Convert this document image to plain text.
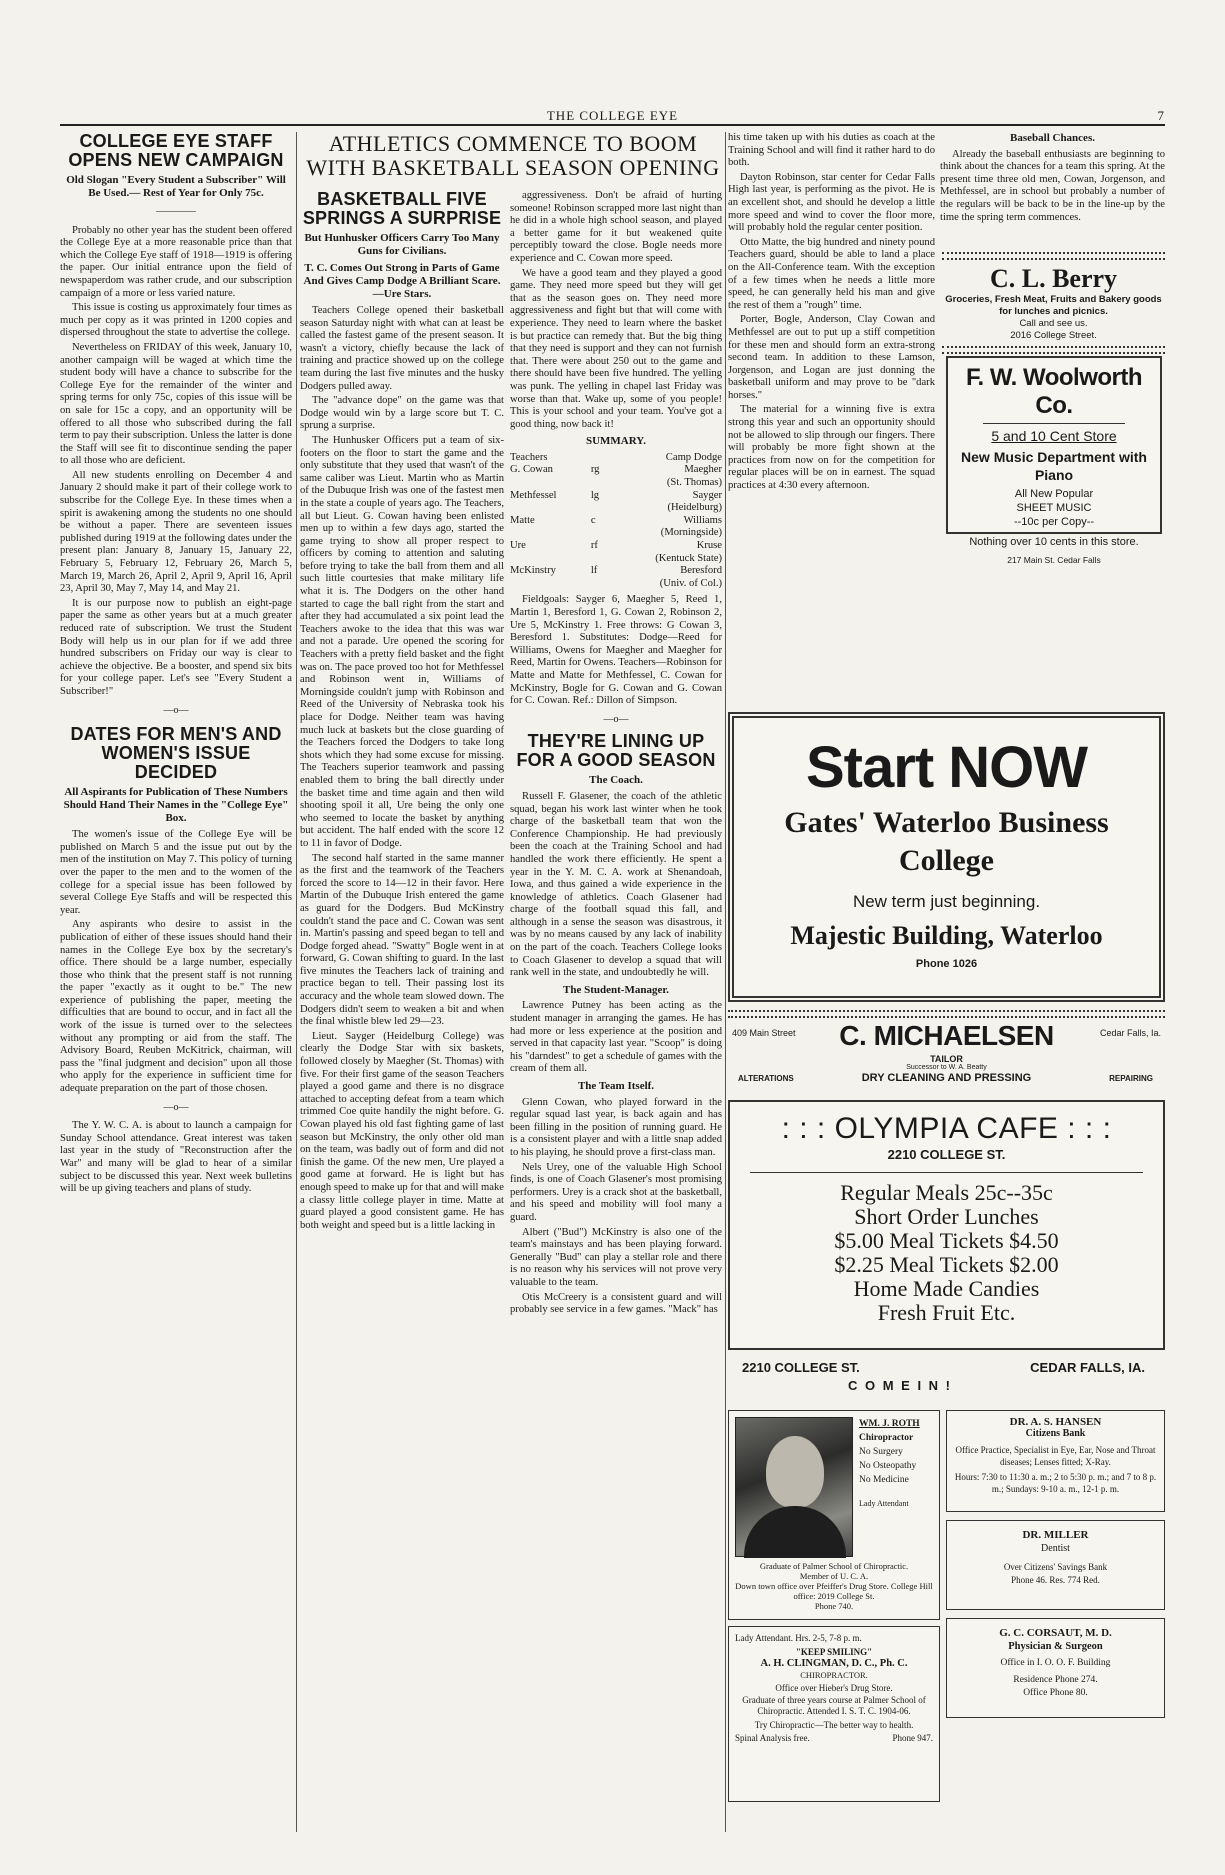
THE COLLEGE EYE	7
ATHLETICS COMMENCE TO BOOM
WITH BASKETBALL SEASON OPENING
COLLEGE EYE STAFF
OPENS NEW CAMPAIGN
Old Slogan "Every Student a Subscriber" Will Be Used.— Rest of Year for Only 75c.
————

Probably no other year has the student been offered the College Eye at a more reasonable price than that which the College Eye staff of 1918—1919 is offering the paper. Our initial entrance upon the field of newspaperdom was rather crude, and our subscription campaign of a more or less varied nature.

This issue is costing us approximately four times as much per copy as it was printed in 1200 copies and dispersed throughout the state to advertise the college.

Nevertheless on FRIDAY of this week, January 10, another campaign will be waged at which time the student body will have a chance to subscribe for the College Eye for the remainder of the winter and spring terms for only 75c, copies of this issue will be on sale for 15c a copy, and an opportunity will be offered to all those who subscribed during the fall term to pay their subscription. Unless the latter is done the Staff will see fit to discontinue sending the paper to all those who are deficient.

All new students enrolling on December 4 and January 2 should make it part of their college work to subscribe for the College Eye. In these times when a spirit is awakening among the students no one should be without a paper. There are seventeen issues published during 1919 at the following dates under the present plan: January 8, January 15, January 22, February 5, February 12, February 26, March 5, March 19, March 26, April 2, April 9, April 16, April 23, April 30, May 7, May 14, and May 21.

It is our purpose now to publish an eight-page paper the same as other years but at a much greater reduced rate of subscription. We trust the Student Body will help us in our plan for if we add three hundred subscribers on Friday our way is clear to achieve the objective. Be a booster, and spend six bits for your college paper. Let's see "Every Student a Subscriber!"

—o—
DATES FOR MEN'S AND
WOMEN'S ISSUE DECIDED
All Aspirants for Publication of These Numbers Should Hand Their Names in the "College Eye" Box.

The women's issue of the College Eye will be published on March 5 and the issue put out by the men of the institution on May 7. This policy of turning over the paper to the men and to the women of the college for a special issue has been followed by several College Eye Staffs and will be respected this year.

Any aspirants who desire to assist in the publication of either of these issues should hand their names in the College Eye box by the secretary's office. There should be a large number, especially those who think that the present staff is not running the paper "exactly as it ought to be." The new experience of publishing the paper, meeting the difficulties that are bound to occur, and in fact all the work of the issue is turned over to the selectees without any prompting or aid from the staff. The Advisory Board, Reuben McKitrick, chairman, will pass the "final judgment and decision" upon all those who apply for the experience in sufficient time for adequate preparation on the part of those chosen.

—o—

The Y. W. C. A. is about to launch a campaign for Sunday School attendance. Great interest was taken last year in the study of "Reconstruction after the War" and many will be glad to hear of a similar subject to be discussed this year. Next week bulletins will be up giving teachers and plans of study.

BASKETBALL FIVE
SPRINGS A SURPRISE
But Hunhusker Officers Carry Too Many Guns for Civilians.
T. C. Comes Out Strong in Parts of Game And Gives Camp Dodge A Brilliant Scare.—Ure Stars.

Teachers College opened their basketball season Saturday night with what can at least be called the fastest game of the present season. It wasn't a victory, chiefly because the lack of training and practice showed up on the college team during the last five minutes and the husky Dodgers pulled away.

The "advance dope" on the game was that Dodge would win by a large score but T. C. sprung a surprise.

The Hunhusker Officers put a team of six-footers on the floor to start the game and the only substitute that they used that wasn't of the same caliber was Lieut. Martin who as Martin of the Dubuque Irish was one of the fastest men in the state a couple of years ago. The Teachers, all but Lieut. G. Cowan having been enlisted men up to within a few days ago, started the game trying to show all proper respect to officers by coming to attention and saluting before trying to take the ball from them and all such little courtesies that make military life what it is. The Dodgers on the other hand started to cage the ball right from the start and after they had accumulated a six point lead the Teachers awoke to the idea that this was war and not a parade. Ure opened the scoring for Teachers with a pretty field basket and the fight was on. The pace proved too hot for Methfessel and Robinson went in, Williams of Morningside couldn't jump with Robinson and Reed of the University of Nebraska took his place for Dodge. Neither team was having much luck at baskets but the close guarding of the Teachers forced the Dodgers to take long shots which they had some excuse for missing. The Teachers superior teamwork and passing enabled them to bring the ball directly under the basket time and time again and then wild shooting spoil it all, Ure being the only one who seemed to locate the basket by anything but accident. The half ended with the score 12 to 11 in favor of Dodge.

The second half started in the same manner as the first and the teamwork of the Teachers forced the score to 14—12 in their favor. Here Martin of the Dubuque Irish entered the game as guard for the Dodgers. Bud McKinstry couldn't stand the pace and C. Cowan was sent in. Martin's passing and speed began to tell and Dodge forged ahead. "Swatty" Bogle went in at forward, G. Cowan shifting to guard. In the last five minutes the Teachers lack of training and practice began to tell. Their passing lost its accuracy and the whole team slowed down. The Dodgers didn't seem to weaken a bit and when the final whistle blew led 29—23.

Lieut. Sayger (Heidelburg College) was clearly the Dodge Star with six baskets, followed closely by Maegher (St. Thomas) with five. For their first game of the season Teachers played a good game and there is no disgrace attached to accepting defeat from a team which trimmed Coe quite handily the night before. G. Cowan played his old fast fighting game of last season but McKinstry, the only other old man on the team, was badly out of form and did not finish the game. Of the new men, Ure played a good game at forward. He is light but has enough speed to make up for that and will make a classy little college player in time. Matte at guard played a good consistent game. He has both weight and speed but is a little lacking in

aggressiveness. Don't be afraid of hurting someone! Robinson scrapped more last night than he did in a whole high school season, and played a better game for it but weakened quite perceptibly toward the close. Bogle needs more experience and C. Cowan more speed.

We have a good team and they played a good game. They need more speed but they will get that as the season goes on. They need more aggressiveness and fight but that will come with experience. They need to learn where the basket is but practice can remedy that. But the big thing that they need is support and they can not furnish that. There were about 250 out to the game and there should have been five hundred. The yelling was punk. The yelling in chapel last Friday was worse than that. Wake up, some of you people! This is your school and your team. You've got a good thing, now back it!

SUMMARY.
Teachers		Camp Dodge
G. Cowan	rg	Maegher
		(St. Thomas)
Methfessel	lg	Sayger
		(Heidelburg)
Matte	c	Williams
		(Morningside)
Ure	rf	Kruse
		(Kentuck State)
McKinstry	lf	Beresford
		(Univ. of Col.)

Fieldgoals: Sayger 6, Maegher 5, Reed 1, Martin 1, Beresford 1, G. Cowan 2, Robinson 2, Ure 5, McKinstry 1. Free throws: G Cowan 3, Beresford 1. Substitutes: Dodge—Reed for Williams, Owens for Maegher and Maegher for Reed, Martin for Owens. Teachers—Robinson for Matte and Matte for Methfessel, C. Cowan for McKinstry, Bogle for G. Cowan and G. Cowan for C. Cowan. Ref.: Dillon of Simpson.

—o—
THEY'RE LINING UP
FOR A GOOD SEASON
The Coach.

Russell F. Glasener, the coach of the athletic squad, began his work last winter when he took charge of the basketball team that won the Conference Championship. He had previously been the coach at the Training School and had handled the work there efficiently. He spent a year in the Y. M. C. A. work at Shenandoah, Iowa, and thus gained a wide experience in the knowledge of athletics. Coach Glasener had charge of the football squad this fall, and although in a sense the season was disastrous, it was by no means caused by any lack of inability on the part of the coach. Teachers College looks to Coach Glasener to develop a squad that will rank well in the state, and undoubtedly he will.

The Student-Manager.

Lawrence Putney has been acting as the student manager in arranging the games. He has had more or less experience at the position and served in that capacity last year. "Scoop" is doing his "darndest" to get a schedule of games with the cream of them all.

The Team Itself.

Glenn Cowan, who played forward in the regular squad last year, is back again and has been filling in the position of running guard. He is a consistent player and with a little snap added to his playing, he should prove a first-class man.

Nels Urey, one of the valuable High School finds, is one of Coach Glasener's most promising performers. Urey is a crack shot at the basketball, and his speed and mobility will fool many a guard.

Albert ("Bud") McKinstry is also one of the team's mainstays and has been playing forward. Generally "Bud" can play a stellar role and there is no reason why his services will not prove very valuable to the team.

Otis McCreery is a consistent guard and will probably see service in a few games. "Mack" has

his time taken up with his duties as coach at the Training School and will find it rather hard to do both.

Dayton Robinson, star center for Cedar Falls High last year, is performing as the pivot. He is an excellent shot, and should he develop a little more speed and wind to cover the floor more, will probably hold the regular center position.

Otto Matte, the big hundred and ninety pound Teachers guard, should be able to land a place on the All-Conference team. With the exception of a few times when he needs a little more speed, he can generally held his man and give the rest of them a "rough" time.

Porter, Bogle, Anderson, Clay Cowan and Methfessel are out to put up a stiff competition for these men and should form an extra-strong second team. In addition to these Lamson, Jorgenson, and Logan are just donning the basketball uniform and may prove to be "dark horses."

The material for a winning five is extra strong this year and such an opportunity should not be allowed to slip through our fingers. There will probably be more fight shown at the practices from now on for the competition for regular places will be on in earnest. The squad practices at 4:30 every afternoon.

Baseball Chances.

Already the baseball enthusiasts are beginning to think about the chances for a team this spring. At the present time three old men, Cowan, Jorgenson, and Methfessel, are in school but probably a number of the regulars will be back to be in the line-up by the time the spring term commences.

C. L. Berry
Groceries, Fresh Meat, Fruits and Bakery goods for lunches and picnics.
Call and see us.
2016 College Street.
F. W. Woolworth Co.
5 and 10 Cent Store
New Music Department with Piano
All New Popular
SHEET MUSIC
--10c per Copy--
Nothing over 10 cents in this store.
217 Main St. Cedar Falls
Start NOW
Gates' Waterloo Business College
New term just beginning.
Majestic Building, Waterloo
Phone 1026
409 Main Street	C. MICHAELSEN	Cedar Falls, Ia.
TAILOR
Successor to W. A. Beatty
ALTERATIONS	DRY CLEANING AND PRESSING	REPAIRING
: : : OLYMPIA CAFE : : :
2210 COLLEGE ST.
Regular Meals 25c--35c
Short Order Lunches
$5.00 Meal Tickets $4.50
$2.25 Meal Tickets $2.00
Home Made Candies
Fresh Fruit Etc.
2210 COLLEGE ST.	CEDAR FALLS, IA.
C O M E I N !
WM. J. ROTH
Chiropractor
No Surgery
No Osteopathy
No Medicine
Lady Attendant
Graduate of Palmer School of Chiropractic.
Member of U. C. A.
Down town office over Pfeiffer's Drug Store. College Hill office: 2019 College St.
Phone 740.
Lady Attendant. Hrs. 2-5, 7-8 p. m.
"KEEP SMILING"
A. H. CLINGMAN, D. C., Ph. C.
CHIROPRACTOR.
Office over Hieber's Drug Store.
Graduate of three years course at Palmer School of Chiropractic. Attended I. S. T. C. 1904-06.
Try Chiropractic—The better way to health.
Spinal Analysis free.	Phone 947.
DR. A. S. HANSEN
Citizens Bank
Office Practice, Specialist in Eye, Ear, Nose and Throat diseases; Lenses fitted; X-Ray.
Hours: 7:30 to 11:30 a. m.; 2 to 5:30 p. m.; and 7 to 8 p. m.; Sundays: 9-10 a. m., 12-1 p. m.
DR. MILLER
Dentist
Over Citizens' Savings Bank
Phone 46. Res. 774 Red.
G. C. CORSAUT, M. D.
Physician & Surgeon
Office in I. O. O. F. Building
Residence Phone 274.
Office Phone 80.
